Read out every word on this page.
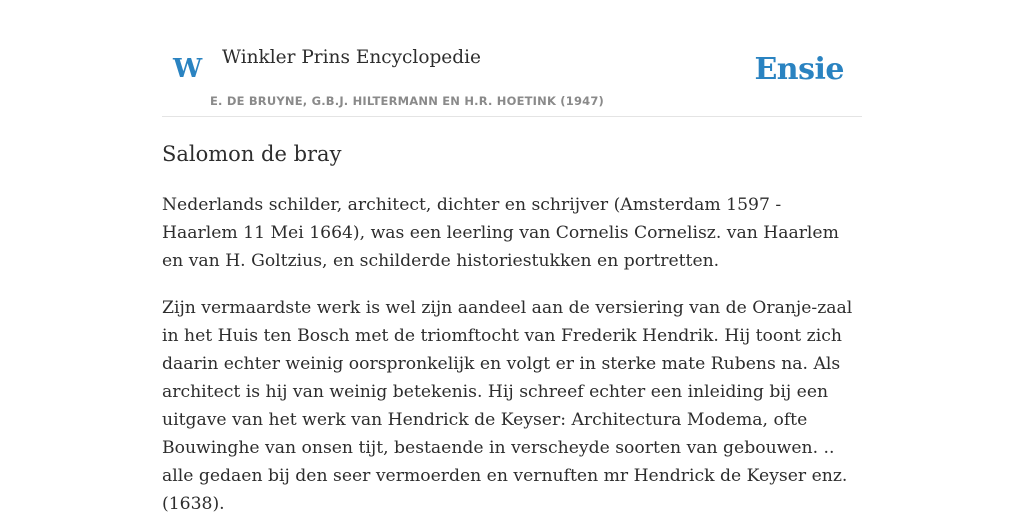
W Winkler Prins Encyclopedie
E. DE BRUYNE, G.B.J. HILTERMANN EN H.R. HOETINK (1947)
Ensie
Salomon de bray

Nederlands schilder, architect, dichter en schrijver (Amsterdam 1597 - Haarlem 11 Mei 1664), was een leerling van Cornelis Cornelisz. van Haarlem en van H. Goltzius, en schilderde historiestukken en portretten.

Zijn vermaardste werk is wel zijn aandeel aan de versiering van de Oranje-zaal in het Huis ten Bosch met de triomftocht van Frederik Hendrik. Hij toont zich daarin echter weinig oorspronkelijk en volgt er in sterke mate Rubens na. Als architect is hij van weinig betekenis. Hij schreef echter een inleiding bij een uitgave van het werk van Hendrick de Keyser: Architectura Modema, ofte Bouwinghe van onsen tijt, bestaende in verscheyde soorten van gebouwen. .. alle gedaen bij den seer vermoerden en vernuften mr Hendrick de Keyser enz. (1638).
